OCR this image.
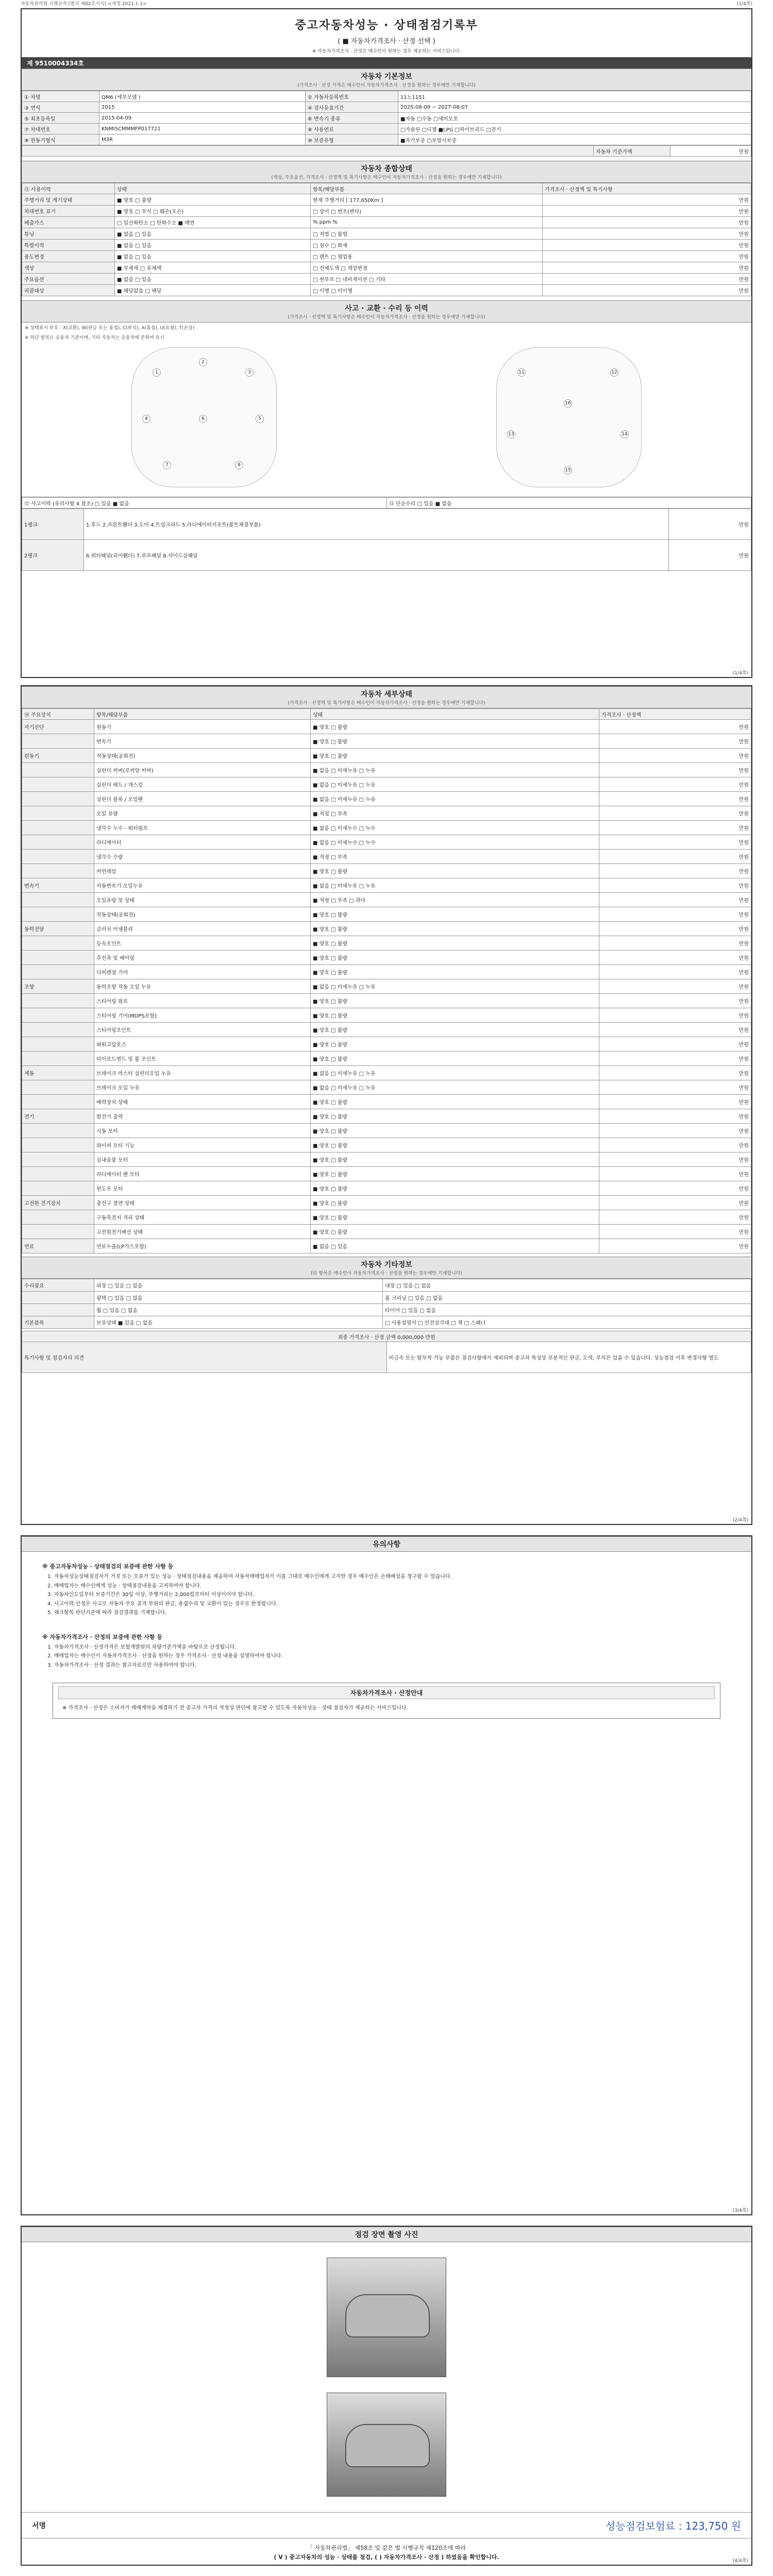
자동차관리법 시행규칙 [별지 제82호서식] <개정 2021.1.1>	(1/4쪽)
중고자동차성능 · 상태점검기록부
( ■ 자동차가격조사 · 산정 선택 )
※ 자동차가격조사 · 산정은 매수인이 원하는 경우 제공하는 서비스입니다.
제 9510004334호
자동차 기본정보
(가격조사 · 산정 가격은 매수인이 자동차가격조사 · 산정을 원하는 경우에만 기재합니다)
① 차명	QM6 (세부모델 )	② 자동차등록번호	11노1151
③ 연식	2015	④ 검사유효기간	2025-08-09 ~ 2027-08-07
⑤ 최초등록일	2015-04-09	⑥ 변속기 종류	■자동 □수동 □세미오토
⑦ 차대번호	KNMISCMMMFP017721	⑧ 사용연료	□가솔린 □디젤 ■LPG □하이브리드 □전기
⑨ 원동기형식	M3R	⑩ 보증유형	■자가보증 □보험사보증
	자동차 기준가액	만원
자동차 종합상태
(색상, 주요옵션, 가격조사 · 산정액 및 특기사항은 매수인이 자동차가격조사 · 산정을 원하는 경우에만 기재합니다)
⑪ 사용이력	상태	항목/해당부품	가격조사 · 산정액 및 특기사항
주행거리 및 계기상태	■ 양호 □ 불량	현재 주행거리 [ 177,650Km ]	만원
차대번호 표기	■ 양호 □ 부식 □ 훼손(오손)	□ 상이 □ 변조(변타)	만원
배출가스	□ 일산화탄소 □ 탄화수소 ■ 매연	% ppm %	만원
튜닝	■ 없음 □ 있음	□ 적법 □ 불법	만원
특별이력	■ 없음 □ 있음	□ 침수 □ 화재	만원
용도변경	■ 없음 □ 있음	□ 렌트 □ 영업용	만원
색상	■ 무채색 □ 유채색	□ 전체도색 □ 색상변경	만원
주요옵션	■ 없음 □ 있음	□ 썬루프 □ 네비게이션 □ 기타	만원
리콜대상	■ 해당없음 □ 해당	□ 이행 □ 미이행	만원
사고 · 교환 · 수리 등 이력
(가격조사 · 산정액 및 특기사항은 매수인이 자동차가격조사 · 산정을 원하는 경우에만 기재합니다)
※ 상태표시 부호 : X(교환), W(판금 또는 용접), C(부식), A(흠집), U(요철), T(손상)
※ 하단 항목은 승용차 기준이며, 기타 자동차는 승용차에 준하여 표시
1
2
3
4	5
6
7	8
11	12
16
13	14
15
⑫ 사고이력 (유의사항 4 참조) □ 있음 ■ 없음	⑬ 단순수리 □ 있음 ■ 없음
1랭크	1.후드 2.프론트휀더 3.도어 4.트렁크리드 5.라디에이터서포트(볼트체결부품)	만원
2랭크	6.쿼터패널(리어휀더) 7.루프패널 8.사이드실패널	만원
(1/4쪽)
자동차 세부상태
(가격조사 · 산정액 및 특기사항은 매수인이 자동차가격조사 · 산정을 원하는 경우에만 기재합니다)
⑭ 주요장치	항목/해당부품	상태	가격조사 · 산정액
자기진단	원동기	■ 양호 □ 불량	만원
	변속기	■ 양호 □ 불량	만원
원동기	작동상태(공회전)	■ 양호 □ 불량	만원
	실린더 커버(로커암 커버)	■ 없음 □ 미세누유 □ 누유	만원
	실린더 헤드 / 개스킷	■ 없음 □ 미세누유 □ 누유	만원
	실린더 블록 / 오일팬	■ 없음 □ 미세누유 □ 누유	만원
	오일 유량	■ 적정 □ 부족	만원
	냉각수 누수 - 워터펌프	■ 없음 □ 미세누수 □ 누수	만원
	라디에이터	■ 없음 □ 미세누수 □ 누수	만원
	냉각수 수량	■ 적정 □ 부족	만원
	커먼레일	■ 양호 □ 불량	만원
변속기	자동변속기 오일누유	■ 없음 □ 미세누유 □ 누유	만원
	오일유량 및 상태	■ 적정 □ 부족 □ 과다	만원
	작동상태(공회전)	■ 양호 □ 불량	만원
동력전달	클러치 어셈블리	■ 양호 □ 불량	만원
	등속조인트	■ 양호 □ 불량	만원
	추진축 및 베어링	■ 양호 □ 불량	만원
	디퍼렌셜 기어	■ 양호 □ 불량	만원
조향	동력조향 작동 오일 누유	■ 없음 □ 미세누유 □ 누유	만원
	스티어링 펌프	■ 양호 □ 불량	만원
	스티어링 기어(MDPS포함)	■ 양호 □ 불량	만원
	스티어링조인트	■ 양호 □ 불량	만원
	파워고압호스	■ 양호 □ 불량	만원
	타이로드엔드 및 볼 조인트	■ 양호 □ 불량	만원
제동	브레이크 마스터 실린더오일 누유	■ 없음 □ 미세누유 □ 누유	만원
	브레이크 오일 누유	■ 없음 □ 미세누유 □ 누유	만원
	배력장치 상태	■ 양호 □ 불량	만원
전기	발전기 출력	■ 양호 □ 불량	만원
	시동 모터	■ 양호 □ 불량	만원
	와이퍼 모터 기능	■ 양호 □ 불량	만원
	실내송풍 모터	■ 양호 □ 불량	만원
	라디에이터 팬 모터	■ 양호 □ 불량	만원
	윈도우 모터	■ 양호 □ 불량	만원
고전원 전기장치	충전구 절연 상태	■ 양호 □ 불량	만원
	구동축전지 격리 상태	■ 양호 □ 불량	만원
	고전원전기배선 상태	■ 양호 □ 불량	만원
연료	연료누출(LP가스포함)	■ 없음 □ 있음	만원
자동차 기타정보
(⑮ 항목은 매수인이 자동차가격조사 · 산정을 원하는 경우에만 기재합니다)
수리필요	외장 □ 있음 □ 없음	내장 □ 있음 □ 없음
	광택 □ 있음 □ 없음	룸 크리닝 □ 있음 □ 없음
	휠 □ 있음 □ 없음	타이어 □ 있음 □ 없음
기본품목	보유상태 ■ 있음 □ 없음	□ 사용설명서 □ 안전삼각대 □ 잭 □ 스패너
최종 가격조사 · 산정 금액 0,000,000 만원
특기사항 및 점검자의 의견	비금속 또는 탈부착 가능 부품은 점검사항에서 제외되며 중고차 특성상 부분적인 판금, 도색, 부식은 있을 수 있습니다. 성능점검 이후 변경사항 별도
(2/4쪽)
유의사항
※ 중고자동차성능 · 상태점검의 보증에 관한 사항 등

1. 자동차성능상태점검자가 거짓 또는 오류가 있는 성능 · 상태점검내용을 제공하여 자동차매매업자가 이를 그대로 매수인에게 고지한 경우 매수인은 손해배상을 청구할 수 있습니다.

2. 매매업자는 매수인에게 성능 · 상태점검내용을 고지하여야 합니다.

3. 자동차인도일부터 보증기간은 30일 이상, 주행거리는 2,000킬로미터 이상이어야 합니다.

4. 사고이력 인정은 사고로 자동차 주요 골격 부위의 판금, 용접수리 및 교환이 있는 경우로 한정합니다.

5. 체크항목 판단기준에 따라 점검결과를 기재합니다.

※ 자동차가격조사 · 산정의 보증에 관한 사항 등

1. 자동차가격조사 · 산정가격은 보험개발원의 차량기준가액을 바탕으로 산정됩니다.

2. 매매업자는 매수인이 자동차가격조사 · 산정을 원하는 경우 가격조사 · 산정 내용을 설명하여야 합니다.

3. 자동차가격조사 · 산정 결과는 참고자료로만 사용하여야 합니다.

자동차가격조사 · 산정안내
※ 가격조사 · 산정은 소비자가 매매계약을 체결하기 전 중고차 가격의 적정성 판단에 참고할 수 있도록 자동차성능 · 상태 점검자가 제공하는 서비스입니다.
(3/4쪽)
점검 장면 촬영 사진
서명	성능점검보험료 : 123,750 원
「 자동차관리법」 제58조 및 같은 법 시행규칙 제120조에 따라
( V ) 중고자동차의 성능 · 상태를 점검, ( ) 자동차가격조사 · 산정 ) 하였음을 확인합니다.
(4/4쪽)
